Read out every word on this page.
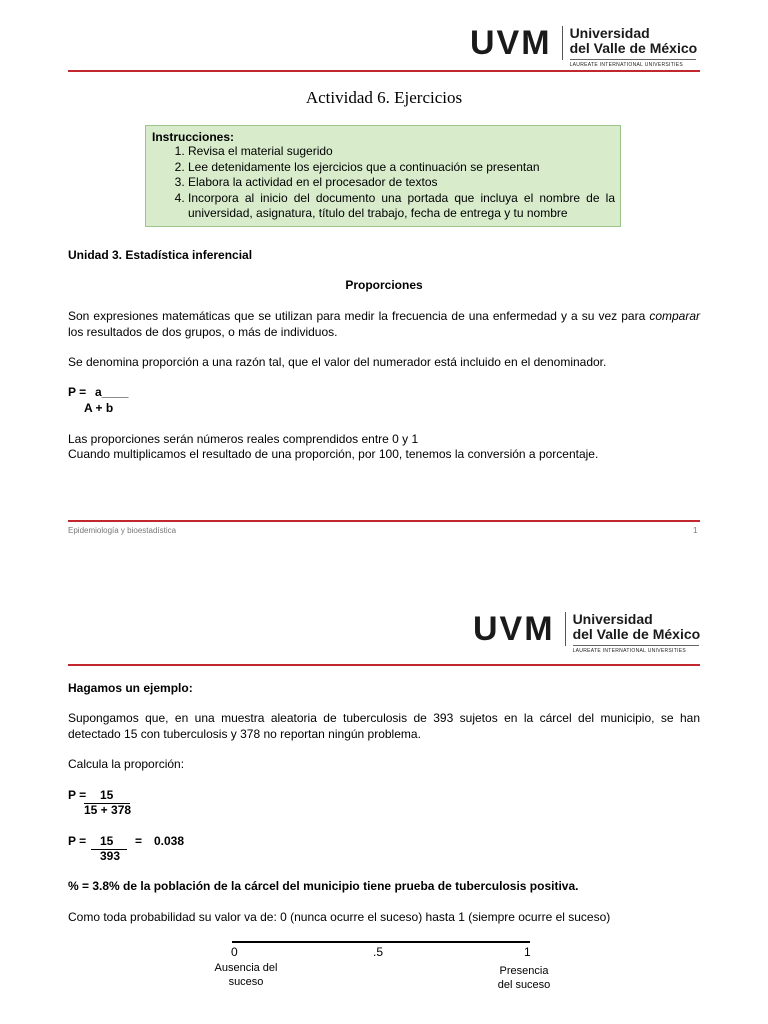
UVM Universidad
del Valle de México
LAUREATE INTERNATIONAL UNIVERSITIES
Actividad 6. Ejercicios
Instrucciones:
1. Revisa el material sugerido
2. Lee detenidamente los ejercicios que a continuación se presentan
3. Elabora la actividad en el procesador de textos
4. Incorpora al inicio del documento una portada que incluya el nombre de la universidad, asignatura, título del trabajo, fecha de entrega y tu nombre
Unidad 3. Estadística inferencial
Proporciones
Son expresiones matemáticas que se utilizan para medir la frecuencia de una enfermedad y a su vez para comparar los resultados de dos grupos, o más de individuos.
Se denomina proporción a una razón tal, que el valor del numerador está incluido en el denominador.
P = a____
A + b
Las proporciones serán números reales comprendidos entre 0 y 1
Cuando multiplicamos el resultado de una proporción, por 100, tenemos la conversión a porcentaje.
Epidemiología y bioestadística	1
UVM Universidad
del Valle de México
LAUREATE INTERNATIONAL UNIVERSITIES
Hagamos un ejemplo:
Supongamos que, en una muestra aleatoria de tuberculosis de 393 sujetos en la cárcel del municipio, se han detectado 15 con tuberculosis y 378 no reportan ningún problema.
Calcula la proporción:
P = 15
15 + 378
P = 15
393
= 0.038
% = 3.8% de la población de la cárcel del municipio tiene prueba de tuberculosis positiva.
Como toda probabilidad su valor va de: 0 (nunca ocurre el suceso) hasta 1 (siempre ocurre el suceso)
0	.5	1
Ausencia del
suceso
Presencia
del suceso
